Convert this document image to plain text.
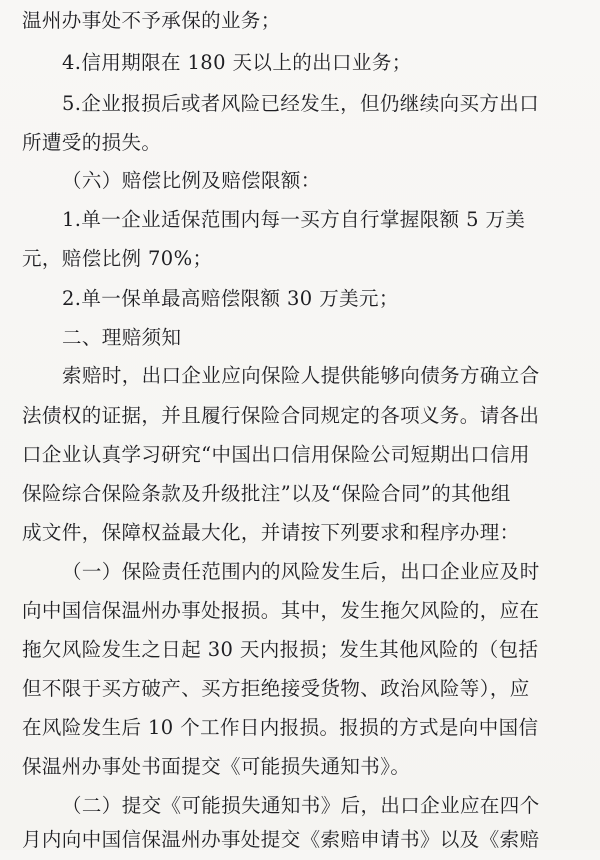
温州办事处不予承保的业务；
4.信用期限在 180 天以上的出口业务；
5.企业报损后或者风险已经发生，但仍继续向买方出口
所遭受的损失。
（六）赔偿比例及赔偿限额：
1.单一企业适保范围内每一买方自行掌握限额 5 万美
元，赔偿比例 70%；
2.单一保单最高赔偿限额 30 万美元；
二、理赔须知
索赔时，出口企业应向保险人提供能够向债务方确立合
法债权的证据，并且履行保险合同规定的各项义务。请各出
口企业认真学习研究“中国出口信用保险公司短期出口信用
保险综合保险条款及升级批注”以及“保险合同”的其他组
成文件，保障权益最大化，并请按下列要求和程序办理：
（一）保险责任范围内的风险发生后，出口企业应及时
向中国信保温州办事处报损。其中，发生拖欠风险的，应在
拖欠风险发生之日起 30 天内报损；发生其他风险的（包括
但不限于买方破产、买方拒绝接受货物、政治风险等），应
在风险发生后 10 个工作日内报损。报损的方式是向中国信
保温州办事处书面提交《可能损失通知书》。
（二）提交《可能损失通知书》后，出口企业应在四个
月内向中国信保温州办事处提交《索赔申请书》以及《索赔
